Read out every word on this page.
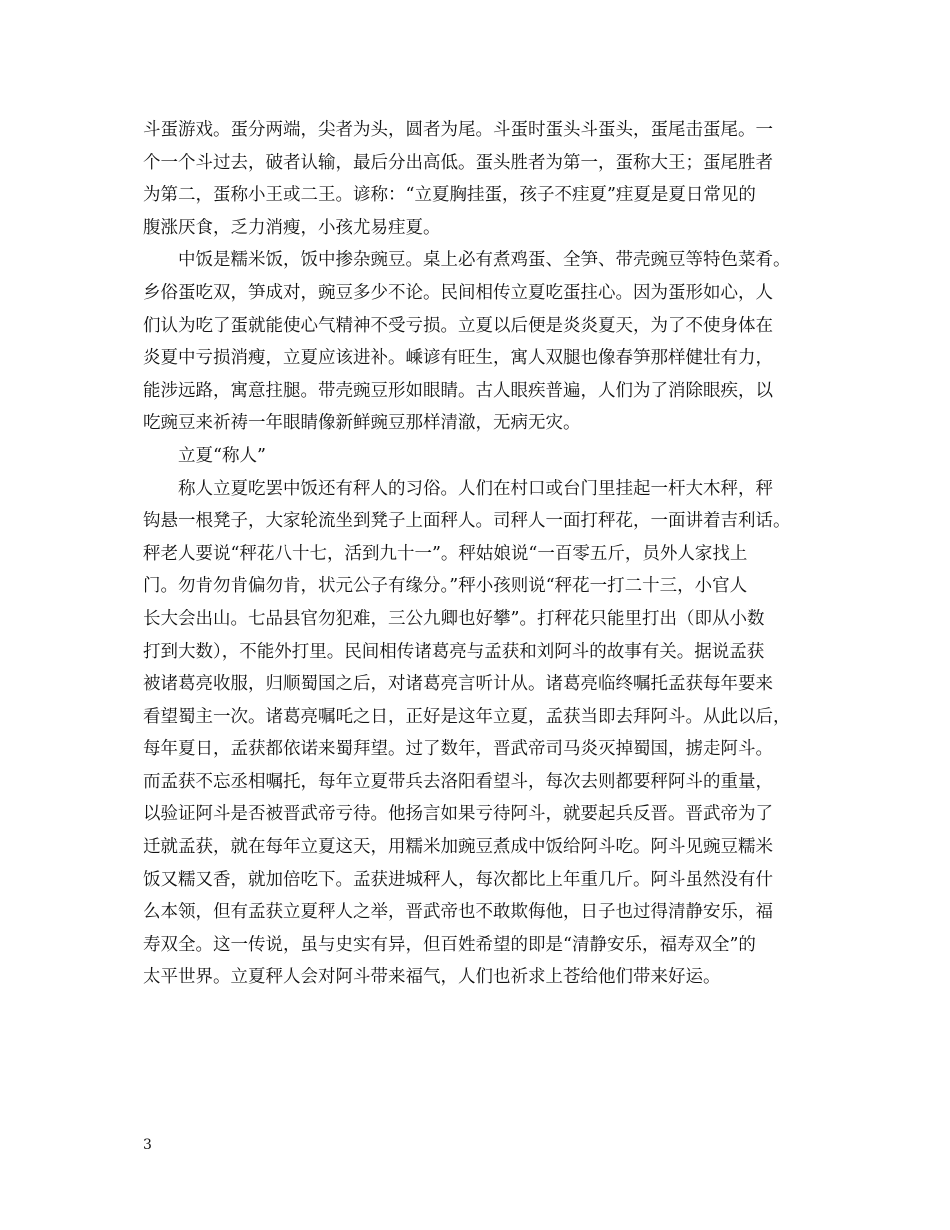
斗蛋游戏。蛋分两端，尖者为头，圆者为尾。斗蛋时蛋头斗蛋头，蛋尾击蛋尾。一
个一个斗过去，破者认输，最后分出高低。蛋头胜者为第一，蛋称大王；蛋尾胜者
为第二，蛋称小王或二王。谚称：“立夏胸挂蛋，孩子不疰夏”疰夏是夏日常见的
腹涨厌食，乏力消瘦，小孩尤易疰夏。
中饭是糯米饭，饭中掺杂豌豆。桌上必有煮鸡蛋、全笋、带壳豌豆等特色菜肴。
乡俗蛋吃双，笋成对，豌豆多少不论。民间相传立夏吃蛋拄心。因为蛋形如心，人
们认为吃了蛋就能使心气精神不受亏损。立夏以后便是炎炎夏天，为了不使身体在
炎夏中亏损消瘦，立夏应该进补。嵊谚有旺生，寓人双腿也像春笋那样健壮有力，
能涉远路，寓意拄腿。带壳豌豆形如眼睛。古人眼疾普遍，人们为了消除眼疾，以
吃豌豆来祈祷一年眼睛像新鲜豌豆那样清澈，无病无灾。
立夏“称人”
称人立夏吃罢中饭还有秤人的习俗。人们在村口或台门里挂起一杆大木秤，秤
钩悬一根凳子，大家轮流坐到凳子上面秤人。司秤人一面打秤花，一面讲着吉利话。
秤老人要说“秤花八十七，活到九十一”。秤姑娘说“一百零五斤，员外人家找上
门。勿肯勿肯偏勿肯，状元公子有缘分。”秤小孩则说“秤花一打二十三，小官人
长大会出山。七品县官勿犯难，三公九卿也好攀”。打秤花只能里打出（即从小数
打到大数），不能外打里。民间相传诸葛亮与孟获和刘阿斗的故事有关。据说孟获
被诸葛亮收服，归顺蜀国之后，对诸葛亮言听计从。诸葛亮临终嘱托孟获每年要来
看望蜀主一次。诸葛亮嘱吒之日，正好是这年立夏，孟获当即去拜阿斗。从此以后，
每年夏日，孟获都依诺来蜀拜望。过了数年，晋武帝司马炎灭掉蜀国，掳走阿斗。
而孟获不忘丞相嘱托，每年立夏带兵去洛阳看望斗，每次去则都要秤阿斗的重量，
以验证阿斗是否被晋武帝亏待。他扬言如果亏待阿斗，就要起兵反晋。晋武帝为了
迁就孟获，就在每年立夏这天，用糯米加豌豆煮成中饭给阿斗吃。阿斗见豌豆糯米
饭又糯又香，就加倍吃下。孟获进城秤人，每次都比上年重几斤。阿斗虽然没有什
么本领，但有孟获立夏秤人之举，晋武帝也不敢欺侮他，日子也过得清静安乐，福
寿双全。这一传说，虽与史实有异，但百姓希望的即是“清静安乐，福寿双全”的
太平世界。立夏秤人会对阿斗带来福气，人们也祈求上苍给他们带来好运。
3
